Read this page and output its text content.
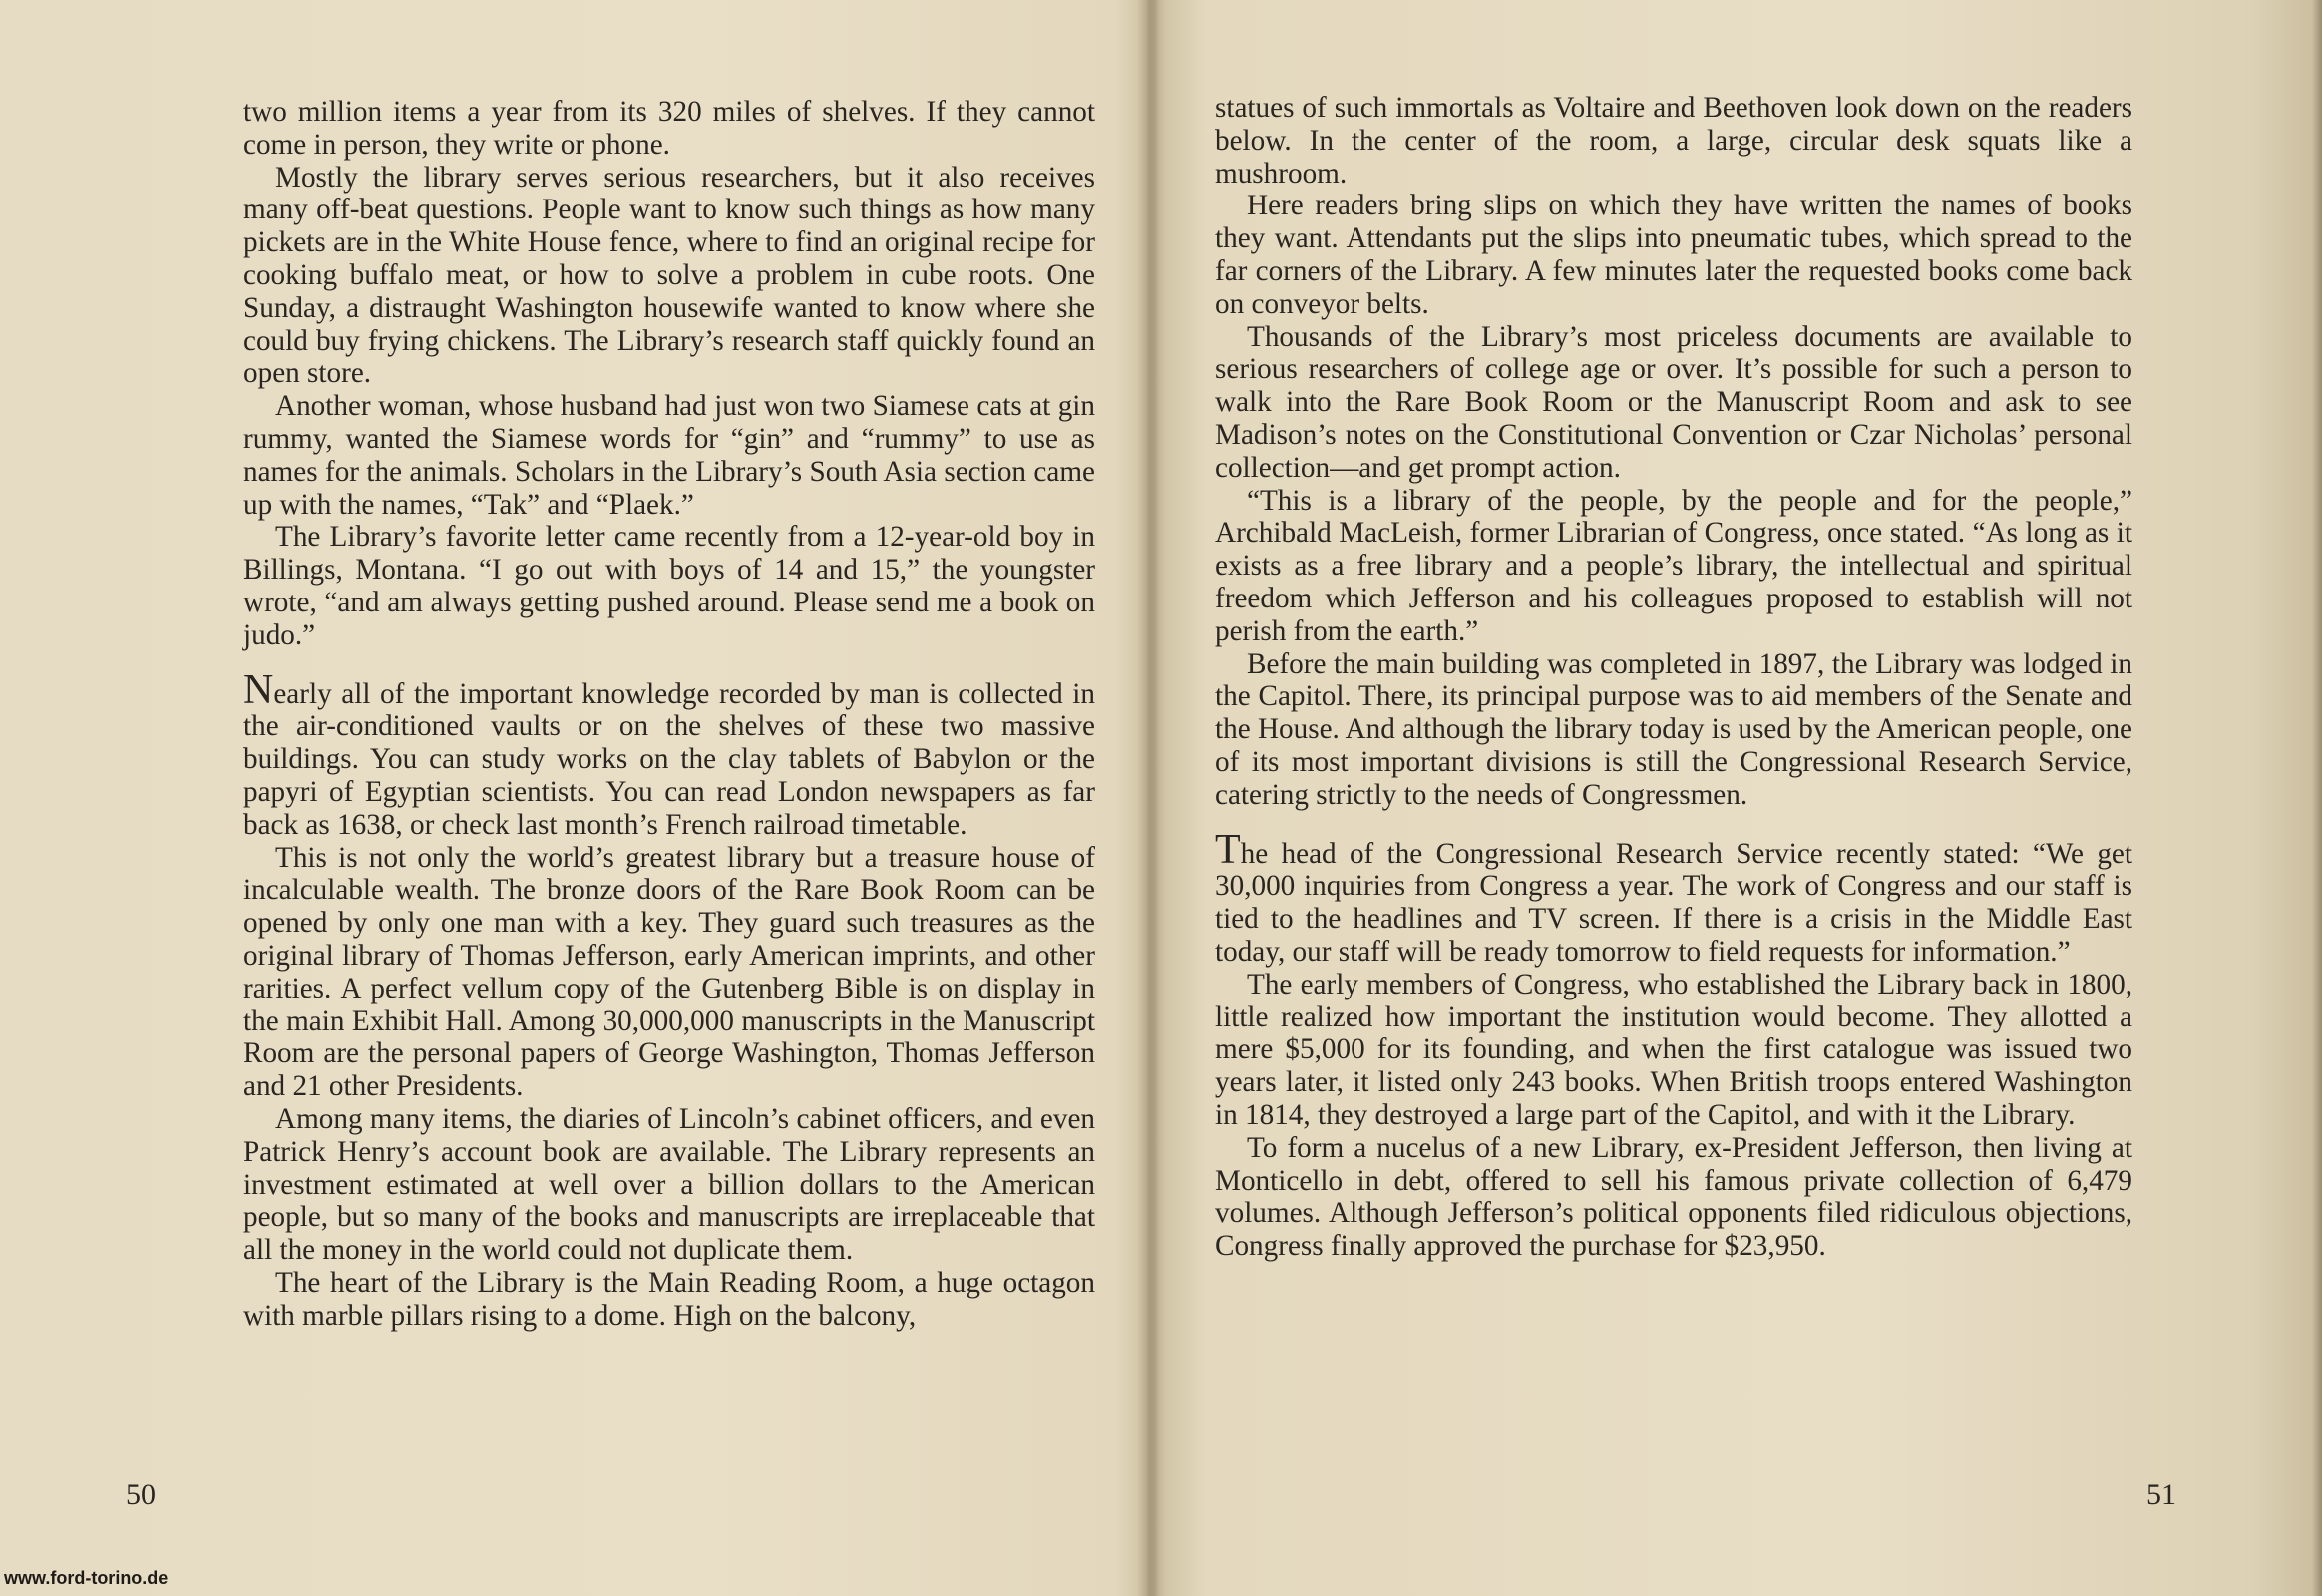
two million items a year from its 320 miles of shelves. If they cannot come in person, they write or phone.

Mostly the library serves serious researchers, but it also receives many off-beat questions. People want to know such things as how many pickets are in the White House fence, where to find an original recipe for cooking buffalo meat, or how to solve a problem in cube roots. One Sunday, a distraught Washington housewife wanted to know where she could buy frying chickens. The Library’s research staff quickly found an open store.

Another woman, whose husband had just won two Siamese cats at gin rummy, wanted the Siamese words for “gin” and “rummy” to use as names for the animals. Scholars in the Library’s South Asia section came up with the names, “Tak” and “Plaek.”

The Library’s favorite letter came recently from a 12-year-old boy in Billings, Montana. “I go out with boys of 14 and 15,” the youngster wrote, “and am always getting pushed around. Please send me a book on judo.”

Nearly all of the important knowledge recorded by man is collected in the air-conditioned vaults or on the shelves of these two massive buildings. You can study works on the clay tablets of Babylon or the papyri of Egyptian scientists. You can read London newspapers as far back as 1638, or check last month’s French railroad timetable.

This is not only the world’s greatest library but a treasure house of incalculable wealth. The bronze doors of the Rare Book Room can be opened by only one man with a key. They guard such treasures as the original library of Thomas Jefferson, early American imprints, and other rarities. A perfect vellum copy of the Gutenberg Bible is on display in the main Exhibit Hall. Among 30,000,000 manuscripts in the Manuscript Room are the personal papers of George Washington, Thomas Jefferson and 21 other Presidents.

Among many items, the diaries of Lincoln’s cabinet officers, and even Patrick Henry’s account book are available. The Library represents an investment estimated at well over a billion dollars to the American people, but so many of the books and manuscripts are irreplaceable that all the money in the world could not duplicate them.

The heart of the Library is the Main Reading Room, a huge octagon with marble pillars rising to a dome. High on the balcony,

50

statues of such immortals as Voltaire and Beethoven look down on the readers below. In the center of the room, a large, circular desk squats like a mushroom.

Here readers bring slips on which they have written the names of books they want. Attendants put the slips into pneumatic tubes, which spread to the far corners of the Library. A few minutes later the requested books come back on conveyor belts.

Thousands of the Library’s most priceless documents are available to serious researchers of college age or over. It’s possible for such a person to walk into the Rare Book Room or the Manuscript Room and ask to see Madison’s notes on the Constitutional Convention or Czar Nicholas’ personal collection—and get prompt action.

“This is a library of the people, by the people and for the people,” Archibald MacLeish, former Librarian of Congress, once stated. “As long as it exists as a free library and a people’s library, the intellectual and spiritual freedom which Jefferson and his colleagues proposed to establish will not perish from the earth.”

Before the main building was completed in 1897, the Library was lodged in the Capitol. There, its principal purpose was to aid members of the Senate and the House. And although the library today is used by the American people, one of its most important divisions is still the Congressional Research Service, catering strictly to the needs of Congressmen.

The head of the Congressional Research Service recently stated: “We get 30,000 inquiries from Congress a year. The work of Congress and our staff is tied to the headlines and TV screen. If there is a crisis in the Middle East today, our staff will be ready tomorrow to field requests for information.”

The early members of Congress, who established the Library back in 1800, little realized how important the institution would become. They allotted a mere $5,000 for its founding, and when the first catalogue was issued two years later, it listed only 243 books. When British troops entered Washington in 1814, they destroyed a large part of the Capitol, and with it the Library.

To form a nucelus of a new Library, ex-President Jefferson, then living at Monticello in debt, offered to sell his famous private collection of 6,479 volumes. Although Jefferson’s political opponents filed ridiculous objections, Congress finally approved the purchase for $23,950.

51
www.ford-torino.de
